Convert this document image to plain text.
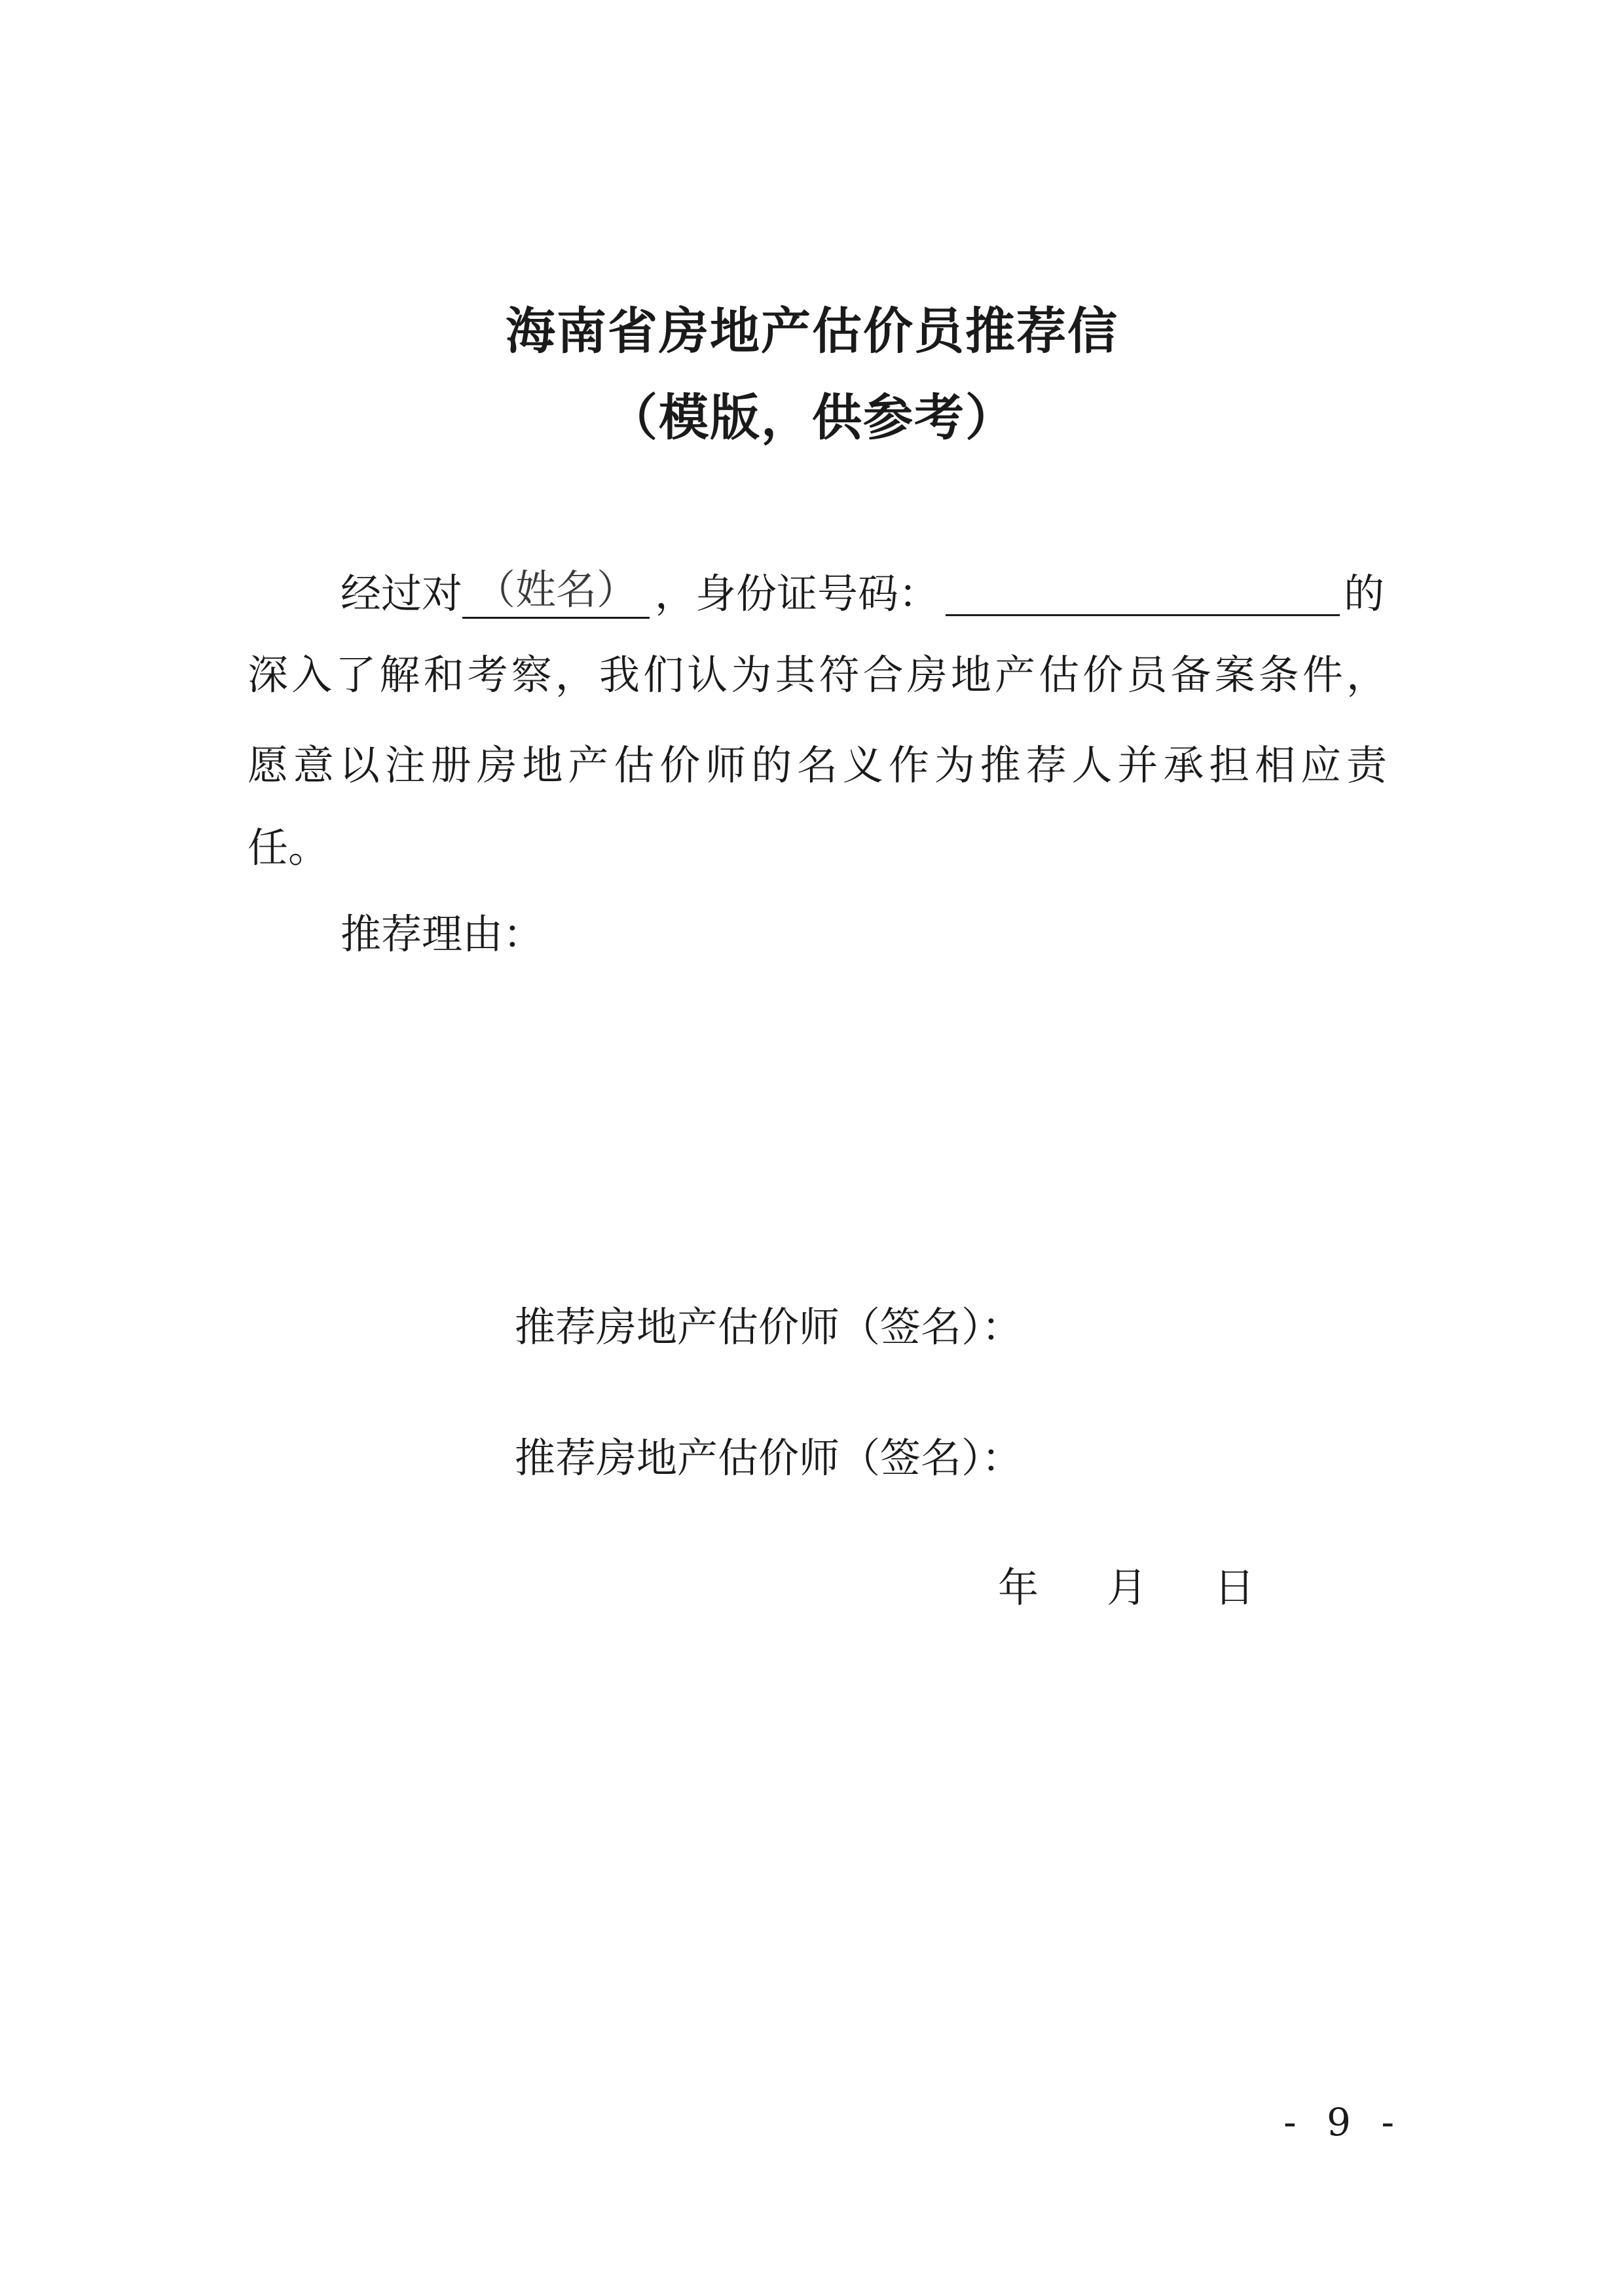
海南省房地产估价员推荐信
（模版，供参考）
经过对 （姓名） ，身份证号码：	的
深入了解和考察，我们认为其符合房地产估价员备案条件，
愿意以注册房地产估价师的名义作为推荐人并承担相应责
任。
推荐理由：
推荐房地产估价师（签名）：
推荐房地产估价师（签名）：
年 月 日
- 9 -
